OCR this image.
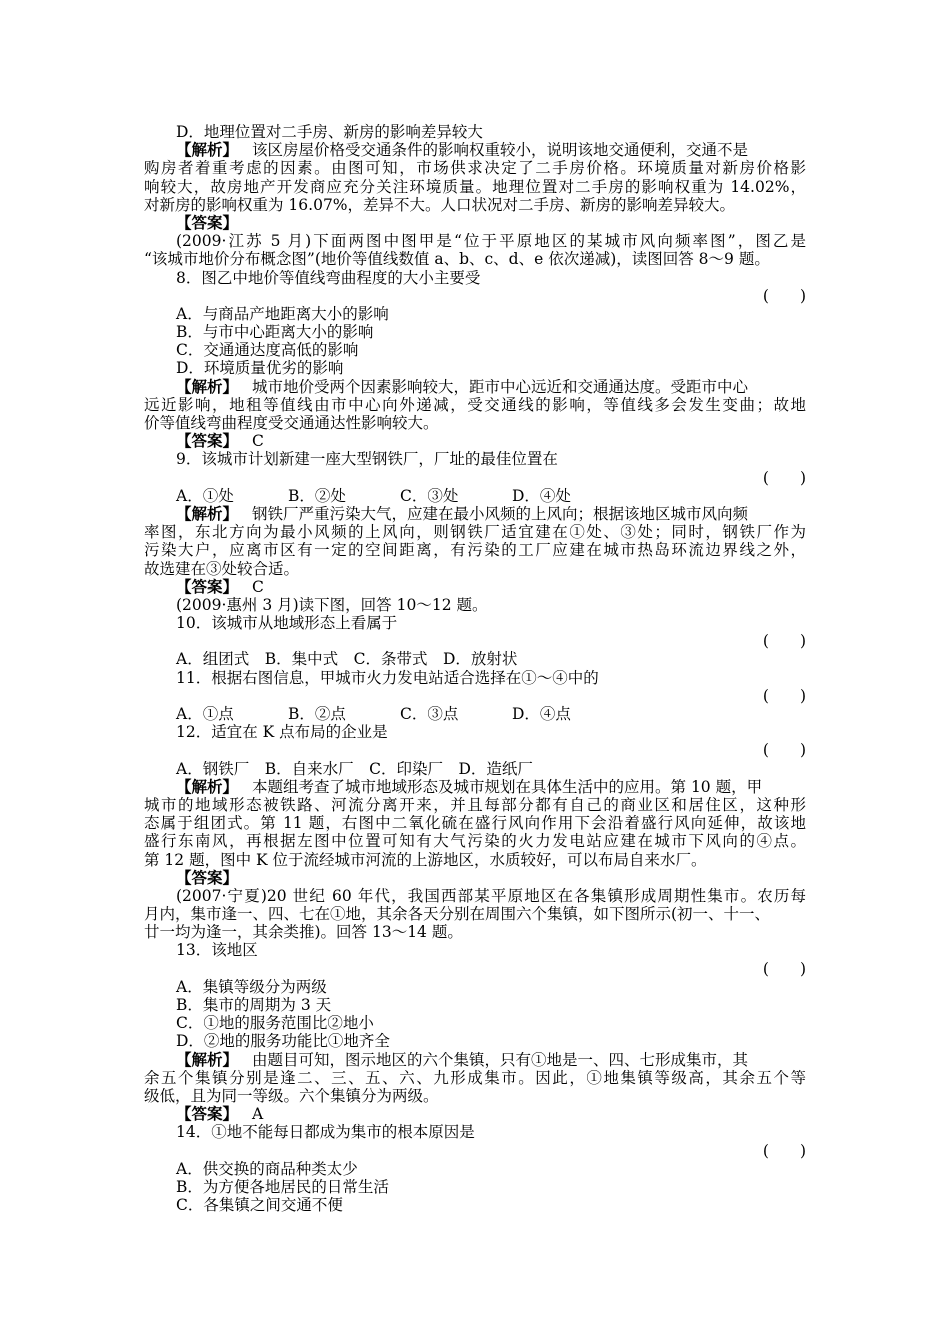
D．地理位置对二手房、新房的影响差异较大
【解析】 该区房屋价格受交通条件的影响权重较小，说明该地交通便利，交通不是
购房者着重考虑的因素。由图可知，市场供求决定了二手房价格。环境质量对新房价格影
响较大，故房地产开发商应充分关注环境质量。地理位置对二手房的影响权重为 14.02%，
对新房的影响权重为 16.07%，差异不大。人口状况对二手房、新房的影响差异较大。
【答案】
(2009·江苏 5 月)下面两图中图甲是“位于平原地区的某城市风向频率图”，图乙是
“该城市地价分布概念图”(地价等值线数值 a、b、c、d、e 依次递减)，读图回答 8～9 题。
8．图乙中地价等值线弯曲程度的大小主要受
(　　)
A．与商品产地距离大小的影响
B．与市中心距离大小的影响
C．交通通达度高低的影响
D．环境质量优劣的影响
【解析】 城市地价受两个因素影响较大，距市中心远近和交通通达度。受距市中心
远近影响，地租等值线由市中心向外递减，受交通线的影响，等值线多会发生变曲；故地
价等值线弯曲程度受交通通达性影响较大。
【答案】 C
9．该城市计划新建一座大型钢铁厂，厂址的最佳位置在
(　　)
A．①处	B．②处	C．③处	D．④处
【解析】 钢铁厂严重污染大气，应建在最小风频的上风向；根据该地区城市风向频
率图，东北方向为最小风频的上风向，则钢铁厂适宜建在①处、③处；同时，钢铁厂作为
污染大户，应离市区有一定的空间距离，有污染的工厂应建在城市热岛环流边界线之外，
故选建在③处较合适。
【答案】 C
(2009·惠州 3 月)读下图，回答 10～12 题。
10．该城市从地域形态上看属于
(　　)
A．组团式　B．集中式　C．条带式　D．放射状
11．根据右图信息，甲城市火力发电站适合选择在①～④中的
(　　)
A．①点	B．②点	C．③点	D．④点
12．适宜在 K 点布局的企业是
(　　)
A．钢铁厂　B．自来水厂　C．印染厂　D．造纸厂
【解析】 本题组考查了城市地域形态及城市规划在具体生活中的应用。第 10 题，甲
城市的地域形态被铁路、河流分离开来，并且每部分都有自己的商业区和居住区，这种形
态属于组团式。第 11 题，右图中二氧化硫在盛行风向作用下会沿着盛行风向延伸，故该地
盛行东南风，再根据左图中位置可知有大气污染的火力发电站应建在城市下风向的④点。
第 12 题，图中 K 位于流经城市河流的上游地区，水质较好，可以布局自来水厂。
【答案】
(2007·宁夏)20 世纪 60 年代，我国西部某平原地区在各集镇形成周期性集市。农历每
月内，集市逢一、四、七在①地，其余各天分别在周围六个集镇，如下图所示(初一、十一、
廿一均为逢一，其余类推)。回答 13～14 题。
13．该地区
(　　)
A．集镇等级分为两级
B．集市的周期为 3 天
C．①地的服务范围比②地小
D．②地的服务功能比①地齐全
【解析】 由题目可知，图示地区的六个集镇，只有①地是一、四、七形成集市，其
余五个集镇分别是逢二、三、五、六、九形成集市。因此，①地集镇等级高，其余五个等
级低，且为同一等级。六个集镇分为两级。
【答案】 A
14．①地不能每日都成为集市的根本原因是
(　　)
A．供交换的商品种类太少
B．为方便各地居民的日常生活
C．各集镇之间交通不便
